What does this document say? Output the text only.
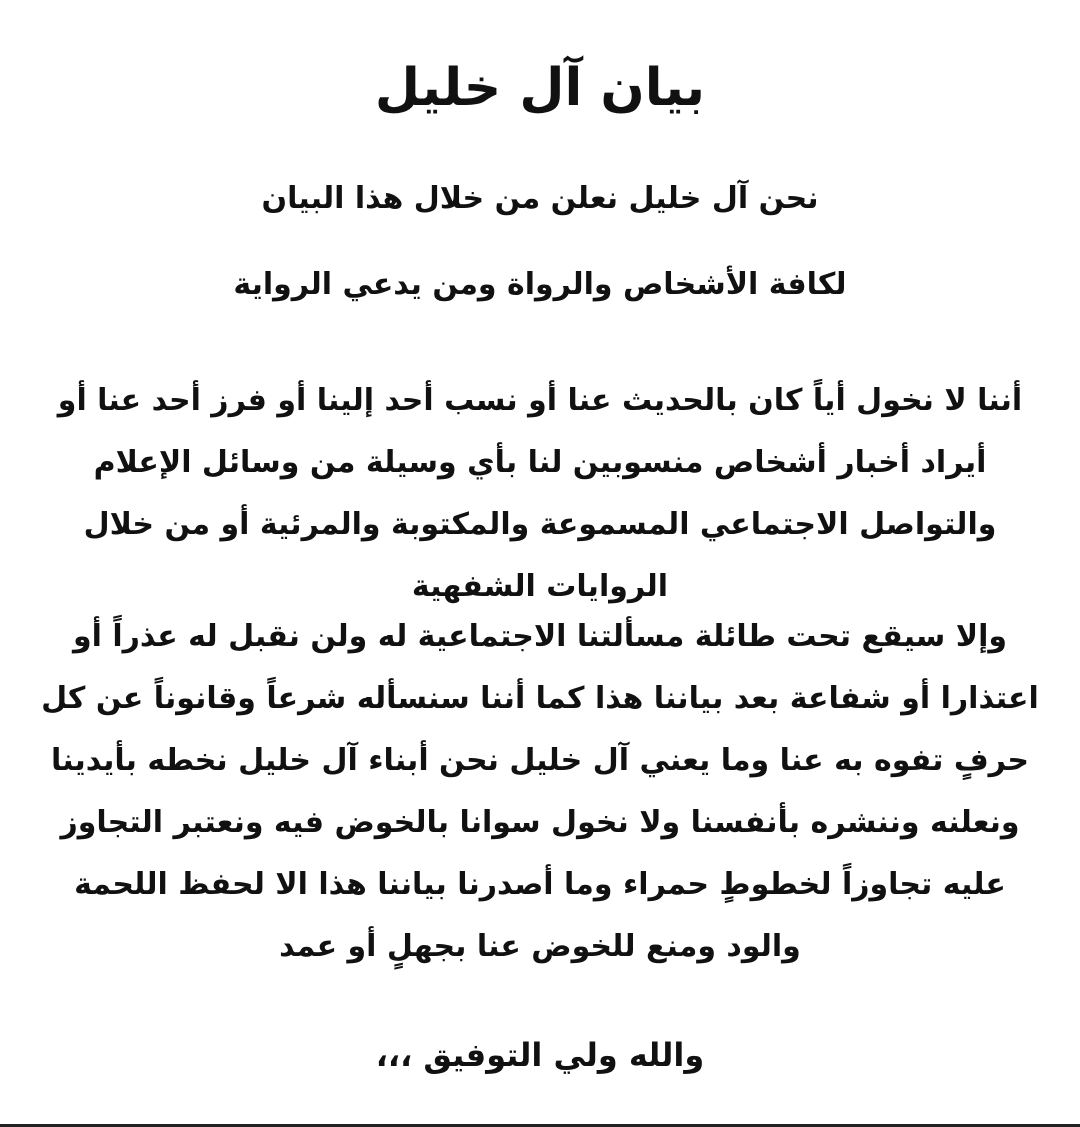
بيان آل خليل

نحن آل خليل نعلن من خلال هذا البيان

لكافة الأشخاص والرواة ومن يدعي الرواية

أننا لا نخول أياً كان بالحديث عنا أو نسب أحد إلينا أو فرز أحد عنا أو أيراد أخبار أشخاص منسوبين لنا بأي وسيلة من وسائل الإعلام والتواصل الاجتماعي المسموعة والمكتوبة والمرئية أو من خلال الروايات الشفهية

وإلا سيقع تحت طائلة مسألتنا الاجتماعية له ولن نقبل له عذراً أو اعتذارا أو شفاعة بعد بياننا هذا كما أننا سنسأله شرعاً وقانوناً عن كل حرفٍ تفوه به عنا وما يعني آل خليل نحن أبناء آل خليل نخطه بأيدينا ونعلنه وننشره بأنفسنا ولا نخول سوانا بالخوض فيه ونعتبر التجاوز عليه تجاوزاً لخطوطٍ حمراء وما أصدرنا بياننا هذا الا لحفظ اللحمة والود ومنع للخوض عنا بجهلٍ أو عمد

والله ولي التوفيق ،،،
